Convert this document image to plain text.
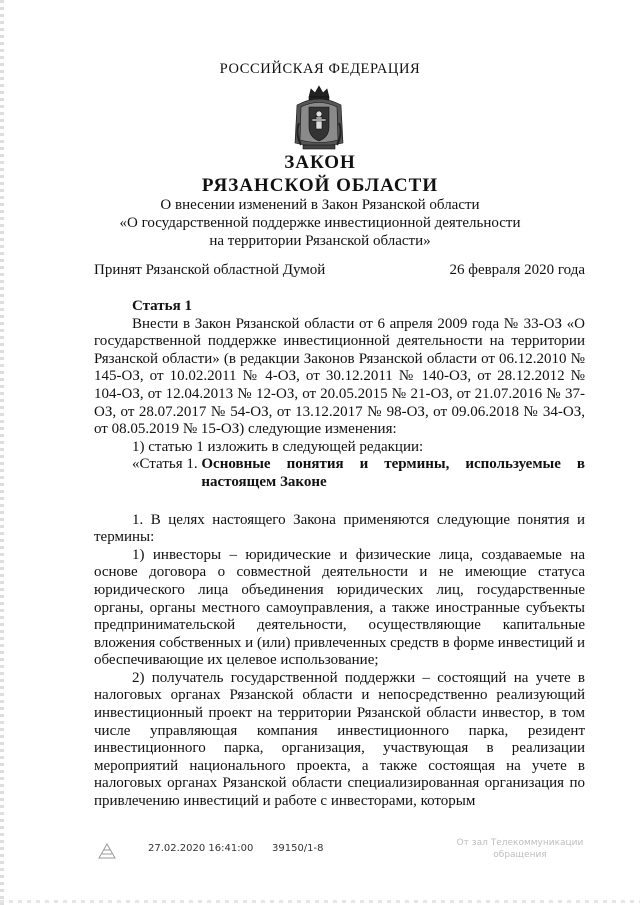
РОССИЙСКАЯ ФЕДЕРАЦИЯ
ЗАКОН
РЯЗАНСКОЙ ОБЛАСТИ
О внесении изменений в Закон Рязанской области
«О государственной поддержке инвестиционной деятельности
на территории Рязанской области»
Принят Рязанской областной Думой	26 февраля 2020 года

Статья 1

Внести в Закон Рязанской области от 6 апреля 2009 года № 33-ОЗ «О государственной поддержке инвестиционной деятельности на территории Рязанской области» (в редакции Законов Рязанской области от 06.12.2010 № 145-ОЗ, от 10.02.2011 № 4-ОЗ, от 30.12.2011 № 140-ОЗ, от 28.12.2012 № 104-ОЗ, от 12.04.2013 № 12-ОЗ, от 20.05.2015 № 21-ОЗ, от 21.07.2016 № 37-ОЗ, от 28.07.2017 № 54-ОЗ, от 13.12.2017 № 98-ОЗ, от 09.06.2018 № 34-ОЗ, от 08.05.2019 № 15-ОЗ) следующие изменения:

1) статью 1 изложить в следующей редакции:

«Статья 1. Основные понятия и термины, используемые в настоящем Законе

1. В целях настоящего Закона применяются следующие понятия и термины:

1) инвесторы – юридические и физические лица, создаваемые на основе договора о совместной деятельности и не имеющие статуса юридического лица объединения юридических лиц, государственные органы, органы местного самоуправления, а также иностранные субъекты предпринимательской деятельности, осуществляющие капитальные вложения собственных и (или) привлеченных средств в форме инвестиций и обеспечивающие их целевое использование;

2) получатель государственной поддержки – состоящий на учете в налоговых органах Рязанской области и непосредственно реализующий инвестиционный проект на территории Рязанской области инвестор, в том числе управляющая компания инвестиционного парка, резидент инвестиционного парка, организация, участвующая в реализации мероприятий национального проекта, а также состоящая на учете в налоговых органах Рязанской области специализированная организация по привлечению инвестиций и работе с инвесторами, которым

27.02.2020 16:41:00 39150/1-8	От зал Телекоммуникации
обращения
